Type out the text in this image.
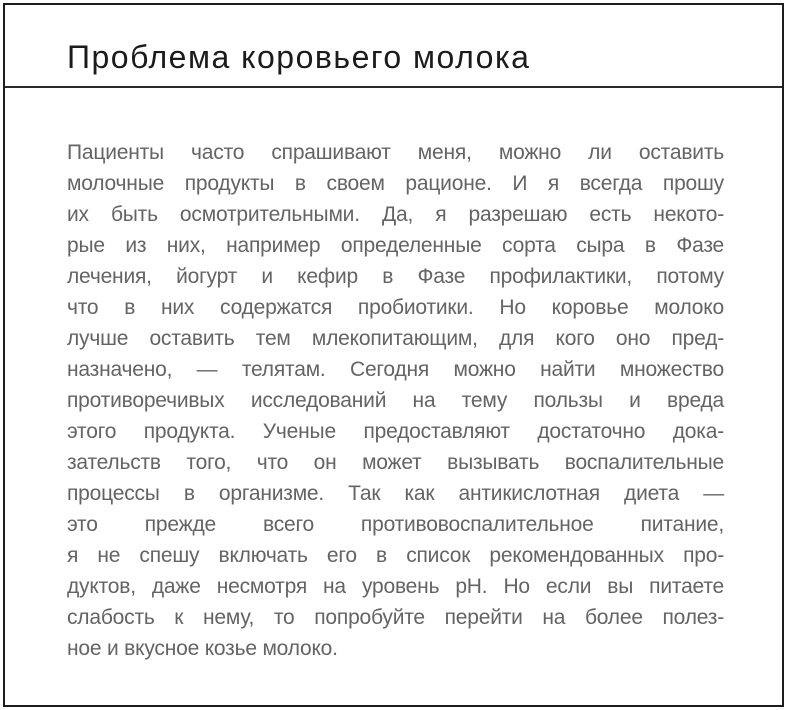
Проблема коровьего молока
Пациенты часто спрашивают меня, можно ли оставить
молочные продукты в своем рационе. И я всегда прошу
их быть осмотрительными. Да, я разрешаю есть некото-
рые из них, например определенные сорта сыра в Фазе
лечения, йогурт и кефир в Фазе профилактики, потому
что в них содержатся пробиотики. Но коровье молоко
лучше оставить тем млекопитающим, для кого оно пред-
назначено, — телятам. Сегодня можно найти множество
противоречивых исследований на тему пользы и вреда
этого продукта. Ученые предоставляют достаточно дока-
зательств того, что он может вызывать воспалительные
процессы в организме. Так как антикислотная диета —
это прежде всего противовоспалительное питание,
я не спешу включать его в список рекомендованных про-
дуктов, даже несмотря на уровень pH. Но если вы питаете
слабость к нему, то попробуйте перейти на более полез-
ное и вкусное козье молоко.
